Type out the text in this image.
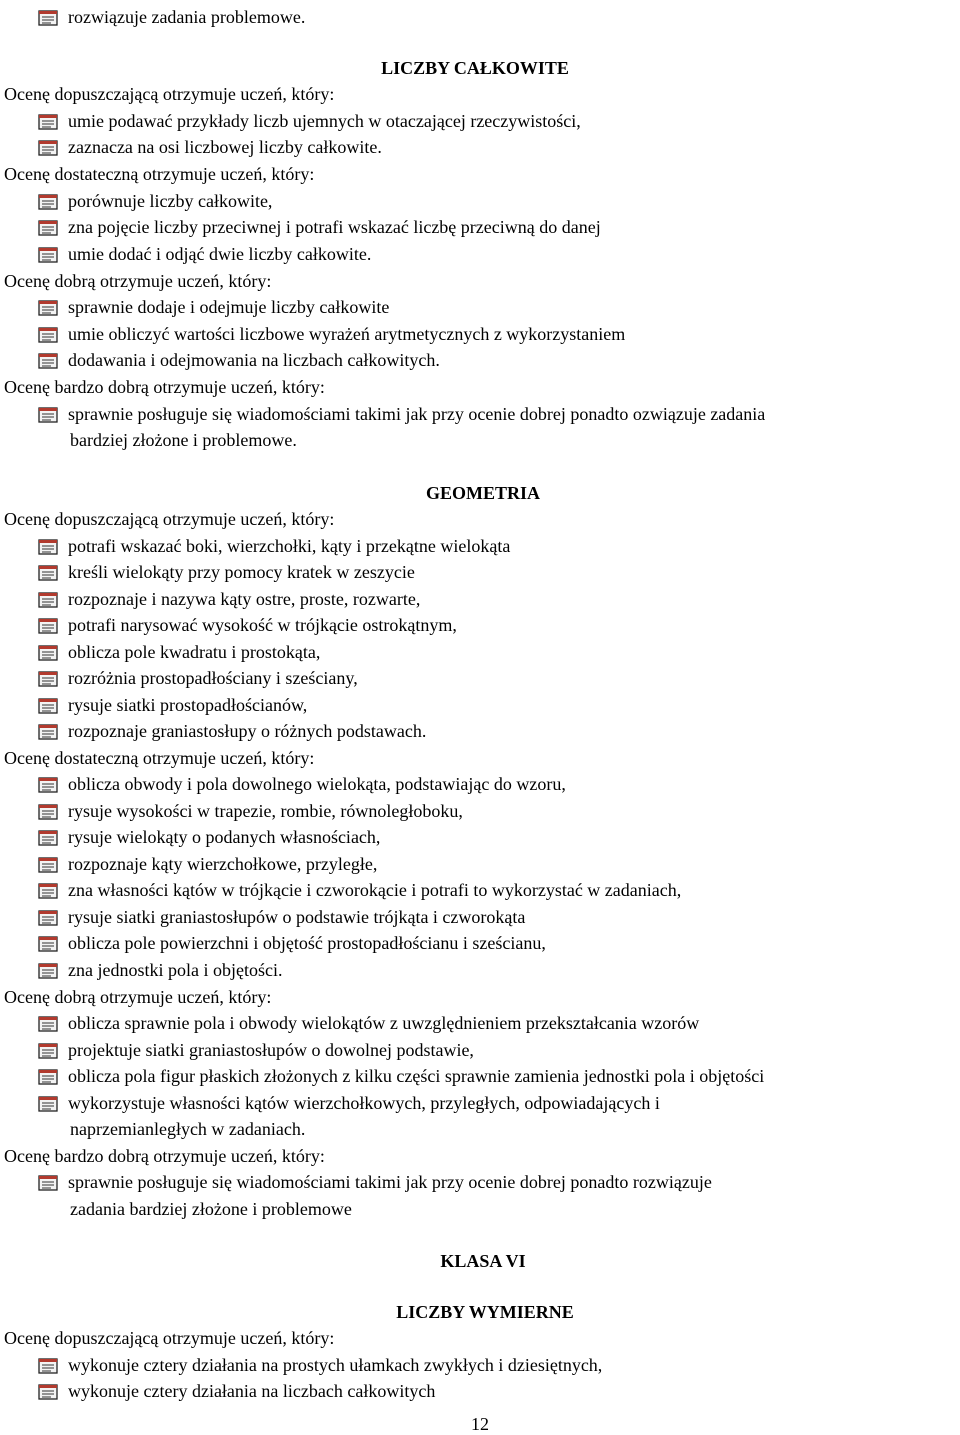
rozwiązuje zadania problemowe.
LICZBY CAŁKOWITE
Ocenę dopuszczającą otrzymuje uczeń, który:
umie podawać przykłady liczb ujemnych w otaczającej rzeczywistości,
zaznacza na osi liczbowej liczby całkowite.
Ocenę dostateczną otrzymuje uczeń, który:
porównuje liczby całkowite,
zna pojęcie liczby przeciwnej i potrafi wskazać liczbę przeciwną do danej
umie dodać i odjąć dwie liczby całkowite.
Ocenę dobrą otrzymuje uczeń, który:
sprawnie dodaje i odejmuje liczby całkowite
umie obliczyć wartości liczbowe wyrażeń arytmetycznych z wykorzystaniem
dodawania i odejmowania na liczbach całkowitych.
Ocenę bardzo dobrą otrzymuje uczeń, który:
sprawnie posługuje się wiadomościami takimi jak przy ocenie dobrej ponadto ozwiązuje zadania
bardziej złożone i problemowe.
GEOMETRIA
Ocenę dopuszczającą otrzymuje uczeń, który:
potrafi wskazać boki, wierzchołki, kąty i przekątne wielokąta
kreśli wielokąty przy pomocy kratek w zeszycie
rozpoznaje i nazywa kąty ostre, proste, rozwarte,
potrafi narysować wysokość w trójkącie ostrokątnym,
oblicza pole kwadratu i prostokąta,
rozróżnia prostopadłościany i sześciany,
rysuje siatki prostopadłościanów,
rozpoznaje graniastosłupy o różnych podstawach.
Ocenę dostateczną otrzymuje uczeń, który:
oblicza obwody i pola dowolnego wielokąta, podstawiając do wzoru,
rysuje wysokości w trapezie, rombie, równoległoboku,
rysuje wielokąty o podanych własnościach,
rozpoznaje kąty wierzchołkowe, przyległe,
zna własności kątów w trójkącie i czworokącie i potrafi to wykorzystać w zadaniach,
rysuje siatki graniastosłupów o podstawie trójkąta i czworokąta
oblicza pole powierzchni i objętość prostopadłościanu i sześcianu,
zna jednostki pola i objętości.
Ocenę dobrą otrzymuje uczeń, który:
oblicza sprawnie pola i obwody wielokątów z uwzględnieniem przekształcania wzorów
projektuje siatki graniastosłupów o dowolnej podstawie,
oblicza pola figur płaskich złożonych z kilku części sprawnie zamienia jednostki pola i objętości
wykorzystuje własności kątów wierzchołkowych, przyległych, odpowiadających i
naprzemianległych w zadaniach.
Ocenę bardzo dobrą otrzymuje uczeń, który:
sprawnie posługuje się wiadomościami takimi jak przy ocenie dobrej ponadto rozwiązuje
zadania bardziej złożone i problemowe
KLASA VI
LICZBY WYMIERNE
Ocenę dopuszczającą otrzymuje uczeń, który:
wykonuje cztery działania na prostych ułamkach zwykłych i dziesiętnych,
wykonuje cztery działania na liczbach całkowitych
12
